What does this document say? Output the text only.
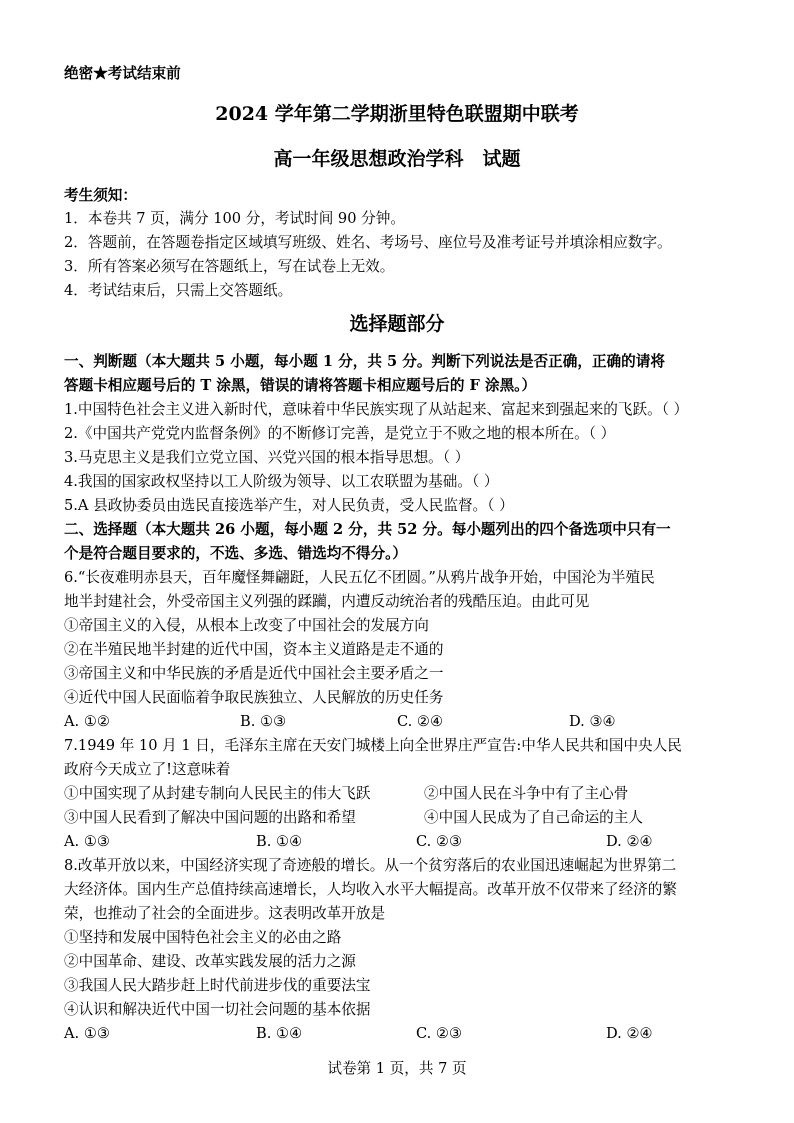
绝密★考试结束前
2024 学年第二学期浙里特色联盟期中联考
高一年级思想政治学科　试题
考生须知：
1．本卷共 7 页，满分 100 分，考试时间 90 分钟。
2．答题前，在答题卷指定区域填写班级、姓名、考场号、座位号及准考证号并填涂相应数字。
3．所有答案必须写在答题纸上，写在试卷上无效。
4．考试结束后，只需上交答题纸。
选择题部分
一、判断题（本大题共 5 小题，每小题 1 分，共 5 分。判断下列说法是否正确，正确的请将
答题卡相应题号后的 T 涂黑，错误的请将答题卡相应题号后的 F 涂黑。）
1.中国特色社会主义进入新时代，意味着中华民族实现了从站起来、富起来到强起来的飞跃。（ ）
2.《中国共产党党内监督条例》的不断修订完善，是党立于不败之地的根本所在。（ ）
3.马克思主义是我们立党立国、兴党兴国的根本指导思想。（ ）
4.我国的国家政权坚持以工人阶级为领导、以工农联盟为基础。（ ）
5.A 县政协委员由选民直接选举产生，对人民负责，受人民监督。（ ）
二、选择题（本大题共 26 小题，每小题 2 分，共 52 分。每小题列出的四个备选项中只有一
个是符合题目要求的，不选、多选、错选均不得分。）
6.“长夜难明赤县天，百年魔怪舞翩跹，人民五亿不团圆。”从鸦片战争开始，中国沦为半殖民
地半封建社会，外受帝国主义列强的蹂躏，内遭反动统治者的残酷压迫。由此可见
①帝国主义的入侵，从根本上改变了中国社会的发展方向
②在半殖民地半封建的近代中国，资本主义道路是走不通的
③帝国主义和中华民族的矛盾是近代中国社会主要矛盾之一
④近代中国人民面临着争取民族独立、人民解放的历史任务
A. ①②	B. ①③	C. ②④	D. ③④
7.1949 年 10 月 1 日，毛泽东主席在天安门城楼上向全世界庄严宣告:中华人民共和国中央人民
政府今天成立了!这意味着
①中国实现了从封建专制向人民民主的伟大飞跃	②中国人民在斗争中有了主心骨
③中国人民看到了解决中国问题的出路和希望	④中国人民成为了自己命运的主人
A. ①③	B. ①④	C. ②③	D. ②④
8.改革开放以来，中国经济实现了奇迹般的增长。从一个贫穷落后的农业国迅速崛起为世界第二
大经济体。国内生产总值持续高速增长，人均收入水平大幅提高。改革开放不仅带来了经济的繁
荣，也推动了社会的全面进步。这表明改革开放是
①坚持和发展中国特色社会主义的必由之路
②中国革命、建设、改革实践发展的活力之源
③我国人民大踏步赶上时代前进步伐的重要法宝
④认识和解决近代中国一切社会问题的基本依据
A. ①③	B. ①④	C. ②③	D. ②④
试卷第 1 页，共 7 页
